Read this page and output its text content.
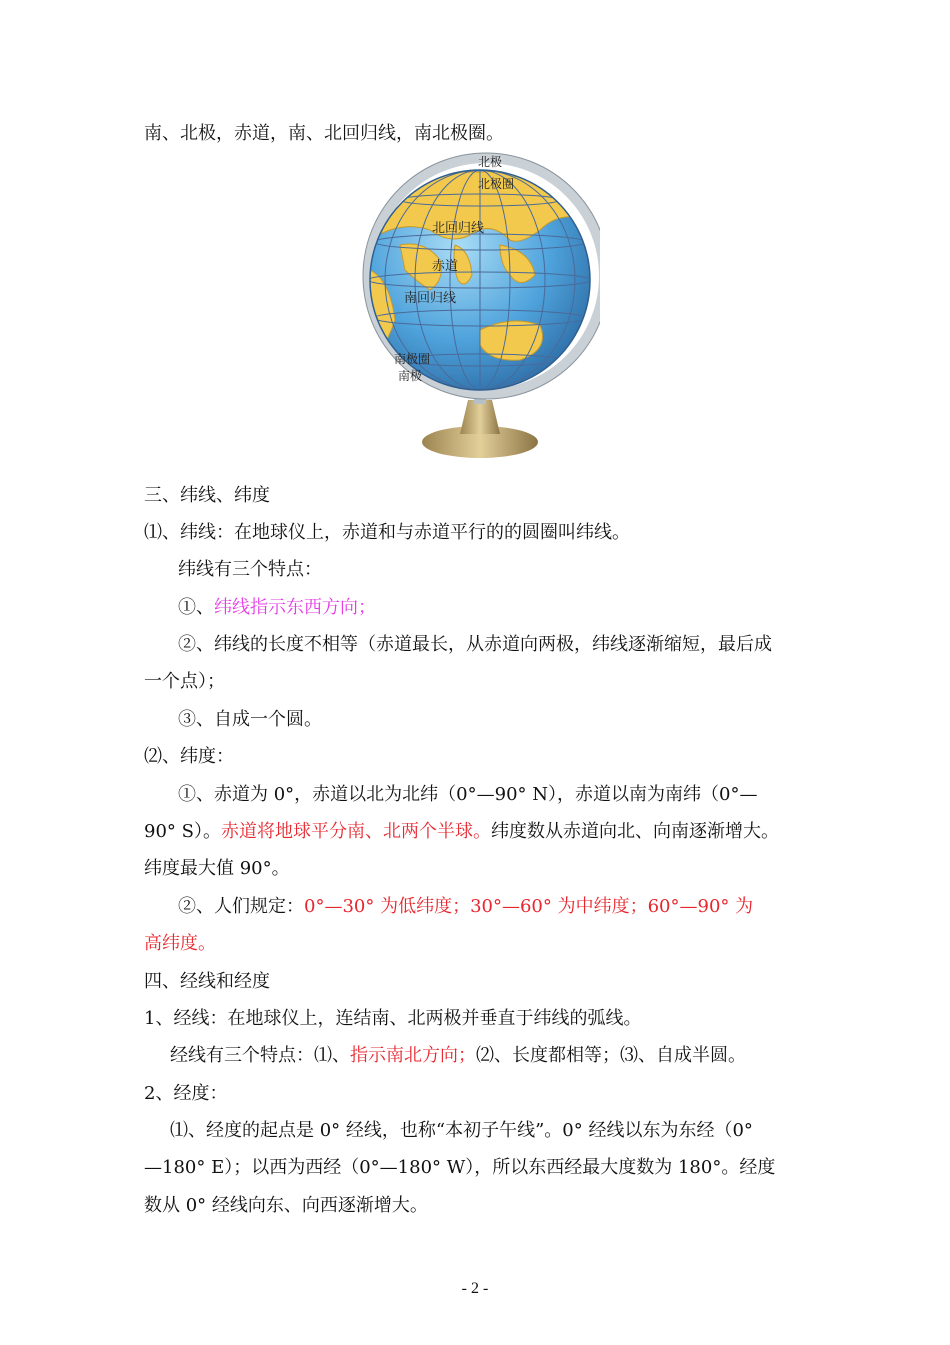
南、北极，赤道，南、北回归线，南北极圈。
北极
北极圈
北回归线
赤道
南回归线
南极圈
南极
三、纬线、纬度
⑴、纬线：在地球仪上，赤道和与赤道平行的的圆圈叫纬线。
纬线有三个特点：
①、纬线指示东西方向；
②、纬线的长度不相等（赤道最长，从赤道向两极，纬线逐渐缩短，最后成
一个点）；
③、自成一个圆。
⑵、纬度：
①、赤道为 0°，赤道以北为北纬（0°—90° N），赤道以南为南纬（0°—
90° S）。赤道将地球平分南、北两个半球。纬度数从赤道向北、向南逐渐增大。
纬度最大值 90°。
②、人们规定：0°—30° 为低纬度；30°—60° 为中纬度；60°—90° 为
高纬度。
四、经线和经度
1、经线：在地球仪上，连结南、北两极并垂直于纬线的弧线。
经线有三个特点：⑴、指示南北方向；⑵、长度都相等；⑶、自成半圆。
2、经度：
⑴、经度的起点是 0° 经线，也称“本初子午线”。0° 经线以东为东经（0°
—180° E）；以西为西经（0°—180° W），所以东西经最大度数为 180°。经度
数从 0° 经线向东、向西逐渐增大。
- 2 -
